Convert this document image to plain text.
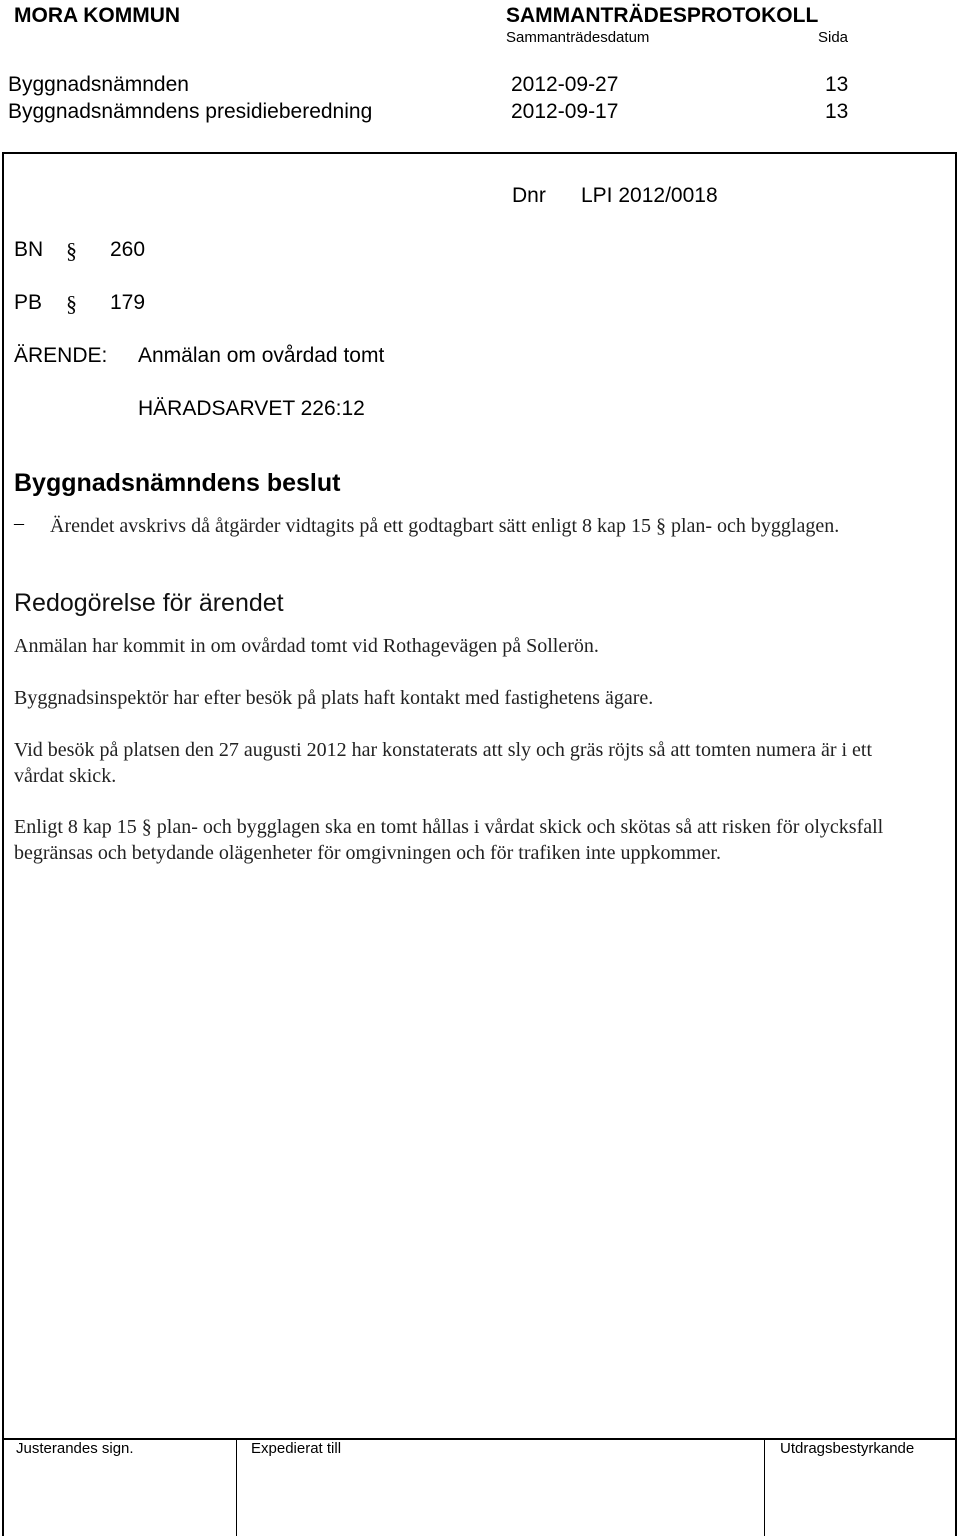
MORA KOMMUN	SAMMANTRÄDESPROTOKOLL
Sammanträdesdatum	Sida
Byggnadsnämnden	2012-09-27	13
Byggnadsnämndens presidieberedning	2012-09-17	13
Dnr LPI 2012/0018
BN § 260
PB § 179
ÄRENDE: Anmälan om ovårdad tomt
HÄRADSARVET 226:12
Byggnadsnämndens beslut
– Ärendet avskrivs då åtgärder vidtagits på ett godtagbart sätt enligt 8 kap 15 § plan- och bygglagen.
Redogörelse för ärendet
Anmälan har kommit in om ovårdad tomt vid Rothagevägen på Sollerön.
Byggnadsinspektör har efter besök på plats haft kontakt med fastighetens ägare.
Vid besök på platsen den 27 augusti 2012 har konstaterats att sly och gräs röjts så att tomten numera är i ett vårdat skick.
Enligt 8 kap 15 § plan- och bygglagen ska en tomt hållas i vårdat skick och skötas så att risken för olycksfall begränsas och betydande olägenheter för omgivningen och för trafiken inte uppkommer.
Justerandes sign.	Expedierat till	Utdragsbestyrkande
